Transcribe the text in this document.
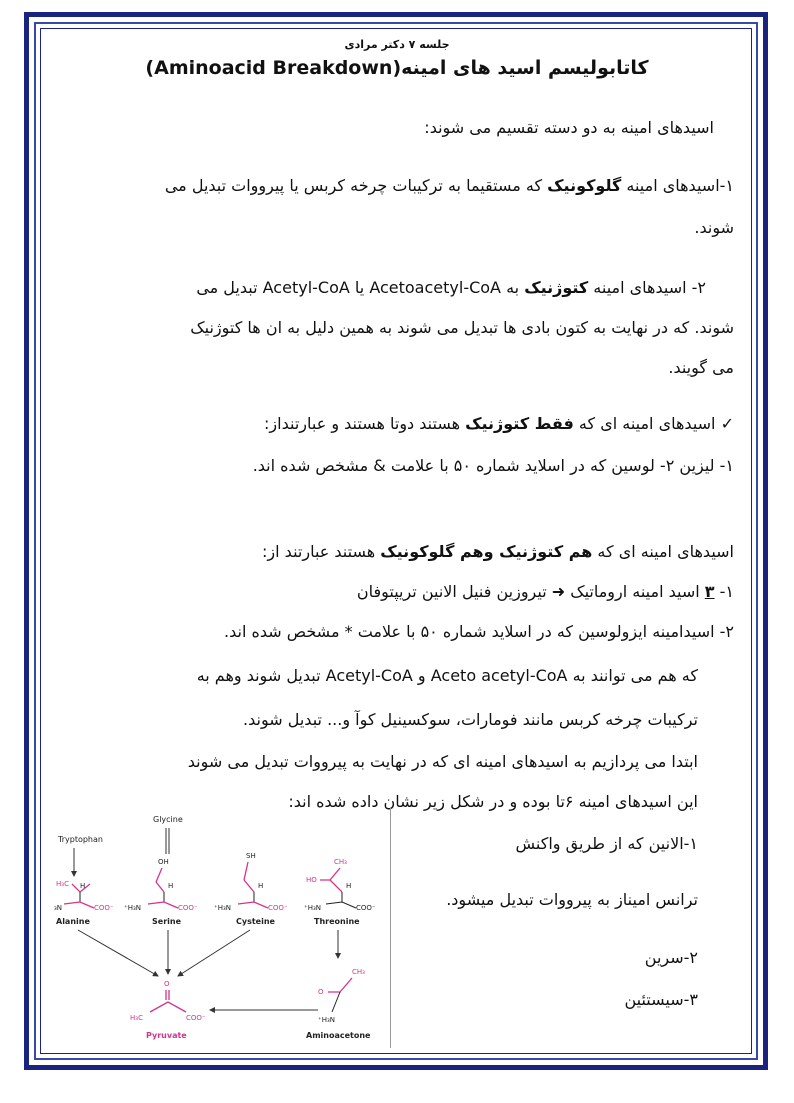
جلسه ۷ دکتر مرادی
کاتابولیسم اسید های امینه(Aminoacid Breakdown)
اسیدهای امینه به دو دسته تقسیم می شوند:
۱-اسیدهای امینه گلوکونیک که مستقیما به ترکیبات چرخه کربس یا پیرووات تبدیل می
شوند.
۲- اسیدهای امینه کتوژنیک به Acetoacetyl-CoA یا Acetyl-CoA تبدیل می
شوند. که در نهایت به کتون بادی ها تبدیل می شوند به همین دلیل به ان ها کتوژنیک
می گویند.
✓ اسیدهای امینه ای که فقط کتوژنیک هستند دوتا هستند و عبارتنداز:
۱- لیزین ۲- لوسین که در اسلاید شماره ۵۰ با علامت & مشخص شده اند.
اسیدهای امینه ای که هم کتوژنیک وهم گلوکونیک هستند عبارتند از:
۱- ۳ اسید امینه اروماتیک ➜ تیروزین فنیل الانین تریپتوفان
۲- اسیدامینه ایزولوسین که در اسلاید شماره ۵۰ با علامت * مشخص شده اند.
که هم می توانند به Aceto acetyl-CoA و Acetyl-CoA تبدیل شوند وهم به
ترکیبات چرخه کربس مانند فومارات، سوکسینیل کوآ و... تبدیل شوند.
ابتدا می پردازیم به اسیدهای امینه ای که در نهایت به پیرووات تبدیل می شوند
این اسیدهای امینه ۶تا بوده و در شکل زیر نشان داده شده اند:
۱-الانین که از طریق واکنش
ترانس امیناز به پیرووات تبدیل میشود.
۲-سرین
۳-سیستئین
Tryptophan
Glycine
H₃C H
₃N	COO⁻
Alanine
OH
H
⁺H₃N	COO⁻
Serine
SH
H
⁺H₃N	COO⁻
Cysteine
CH₃
HO
H
⁺H₃N	COO⁻
Threonine
O
H₃C	COO⁻
Pyruvate
CH₃
O
⁺H₃N
Aminoacetone
